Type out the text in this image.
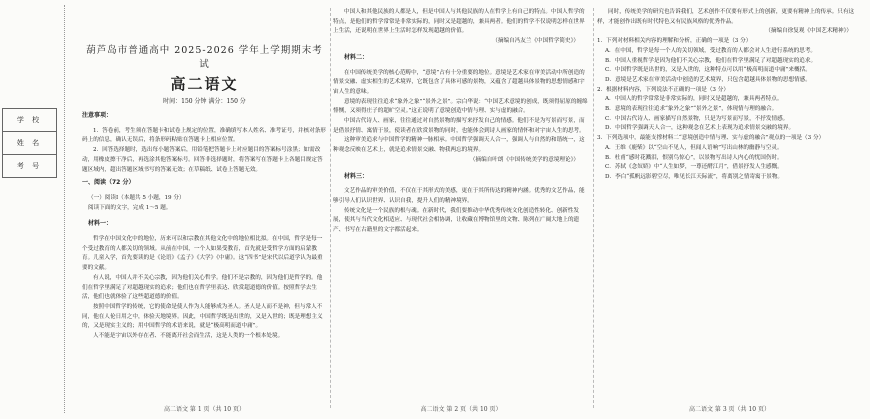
学 校
姓 名
考 号
葫芦岛市普通高中 2025-2026 学年上学期期末考试
高二语文
时间：150 分钟 满分：150 分

注意事项：

1．答卷前，考生须在答题卡和试卷上规定的位置，准确填写本人姓名、准考证号，并核对条形码上的信息，确认无误后，将条形码粘贴在答题卡上相应位置。

2．回答选择题时，选出每小题答案后，用铅笔把答题卡上对应题目的答案标号涂黑；如需改动，用橡皮擦干净后，再选涂其他答案标号。回答非选择题时，将答案写在答题卡上各题目规定答题区域内，超出答题区域书写的答案无效；在草稿纸、试卷上答题无效。

一、阅读（72 分）

（一）阅读Ⅰ（本题共 5 小题，19 分）

阅读下面的文字，完成 1～5 题。

材料一：

哲学在中国文化中的地位，历来可以和宗教在其他文化中的地位相比拟。在中国，哲学是每一个受过教育的人都关切的领域。从前在中国，一个人如果受教育，首先就是受哲学方面的启蒙教育。儿童入学，首先要读的是《论语》《孟子》《大学》《中庸》。这“四书”是宋代以后道学认为最重要的文献。

有人说，中国人并不关心宗教，因为他们关心哲学。他们不是宗教的，因为他们是哲学的。他们在哲学里满足了对超越现实的追求；他们也在哲学里表达、欣赏超道德的价值。按照哲学去生活，他们也就体验了这些超道德的价值。

按照中国哲学的传统，它的使命是使人作为人能够成为圣人。圣人是人而不是神，但与常人不同，他在人伦日用之中，体验天地境界。因此，中国哲学既是出世的，又是入世的；既是理想主义的，又是现实主义的；用中国哲学的术语来说，就是“极高明而道中庸”。

人不能是宇宙以外存在者、不能离开社会而生活，这是人类的一个根本处境。

高二语文 第 1 页（共 10 页）

中国人和其他民族的人都是人，但是中国人与其他民族的人在哲学上有自己的特点。中国人哲学的特点，是他们的哲学常常是非常实际的，同时又是超越的，兼具两者。他们的哲学不仅说明怎样在世界上生活，还说明在世界上生活时怎样发现超越的价值。

（摘编自冯友兰《中国哲学简史》）

材料二：

在中国传统美学的核心范畴中，“意境”占有十分重要的地位。意境是艺术家在审美活动中所创造的情景交融、虚实相生的艺术境界，它既包含了具体可感的景物，又蕴含了超越具体景物的思想情感和宇宙人生的意味。

意境的表现往往追求“象外之象”“景外之景”。宗白华说：“中国艺术意境的创成，既须得屈原的缠绵悱恻，又须得庄子的超旷空灵。”这正说明了意境创造中情与理、实与虚的融合。

中国古代诗人、画家，往往通过对自然景物的描写来抒发自己的情感。他们不是为写景而写景，而是借景抒情、寓情于景，使读者在欣赏景物的同时，也能体会到诗人画家的情怀和对宇宙人生的思考。

这种审美追求与中国哲学的精神一脉相承。中国哲学强调天人合一，强调人与自然的和谐统一，这种观念反映在艺术上，就是追求情景交融、物我两忘的境界。

（摘编自叶朗《中国传统美学的意境理论》）

材料三：

文艺作品的审美价值，不仅在于其形式的美感，更在于其所传达的精神内涵。优秀的文艺作品，能够引导人们认识世界、认识自我，提升人们的精神境界。

传统文化是一个民族的根与魂。在新时代，我们要推动中华优秀传统文化创造性转化、创新性发展，使其与当代文化相适应、与现代社会相协调，让收藏在博物馆里的文物、陈列在广阔大地上的遗产、书写在古籍里的文字都活起来。

高二语文 第 2 页（共 10 页）

同时，传统美学的研究也告诉我们，艺术创作不仅要有形式上的创新，更要有精神上的传承。只有这样，才能创作出既有时代特色又有民族风格的优秀作品。

（摘编自徐复观《中国艺术精神》）

1．下列对材料相关内容的理解和分析，正确的一项是（3 分）

A．在中国，哲学是每一个人的关切领域，受过教育的人都会对人生进行系统的思考。

B．中国人重视哲学是因为他们不关心宗教，他们在哲学里满足了对超越现实的追求。

C．中国哲学既是出世的，又是入世的，这种特点可以用“极高明而道中庸”来概括。

D．意境是艺术家在审美活动中创造的艺术境界，只包含超越具体景物的思想情感。

2．根据材料内容，下列说法不正确的一项是（3 分）

A．中国人的哲学常常是非常实际的，同时又是超越的，兼具两者特点。

B．意境的表现往往追求“象外之象”“景外之景”，体现情与理的融合。

C．中国古代诗人、画家描写自然景物，只是为写景而写景，不抒发情感。

D．中国哲学强调天人合一，这种观念在艺术上表现为追求情景交融的境界。

3．下列选项中，最能支撑材料二“意境创造中情与理、实与虚的融合”观点的一项是（3 分）

A．王维《鹿柴》以“空山不见人，但闻人语响”写出山林的幽静与空灵。

B．杜甫“感时花溅泪，恨别鸟惊心”，以景物写出诗人内心的忧国伤时。

C．苏轼《念奴娇》中“人生如梦，一尊还酹江月”，借景抒发人生感慨。

D．李白“孤帆远影碧空尽，唯见长江天际流”，将离别之情寄寓于景物。

高二语文 第 3 页（共 10 页）
